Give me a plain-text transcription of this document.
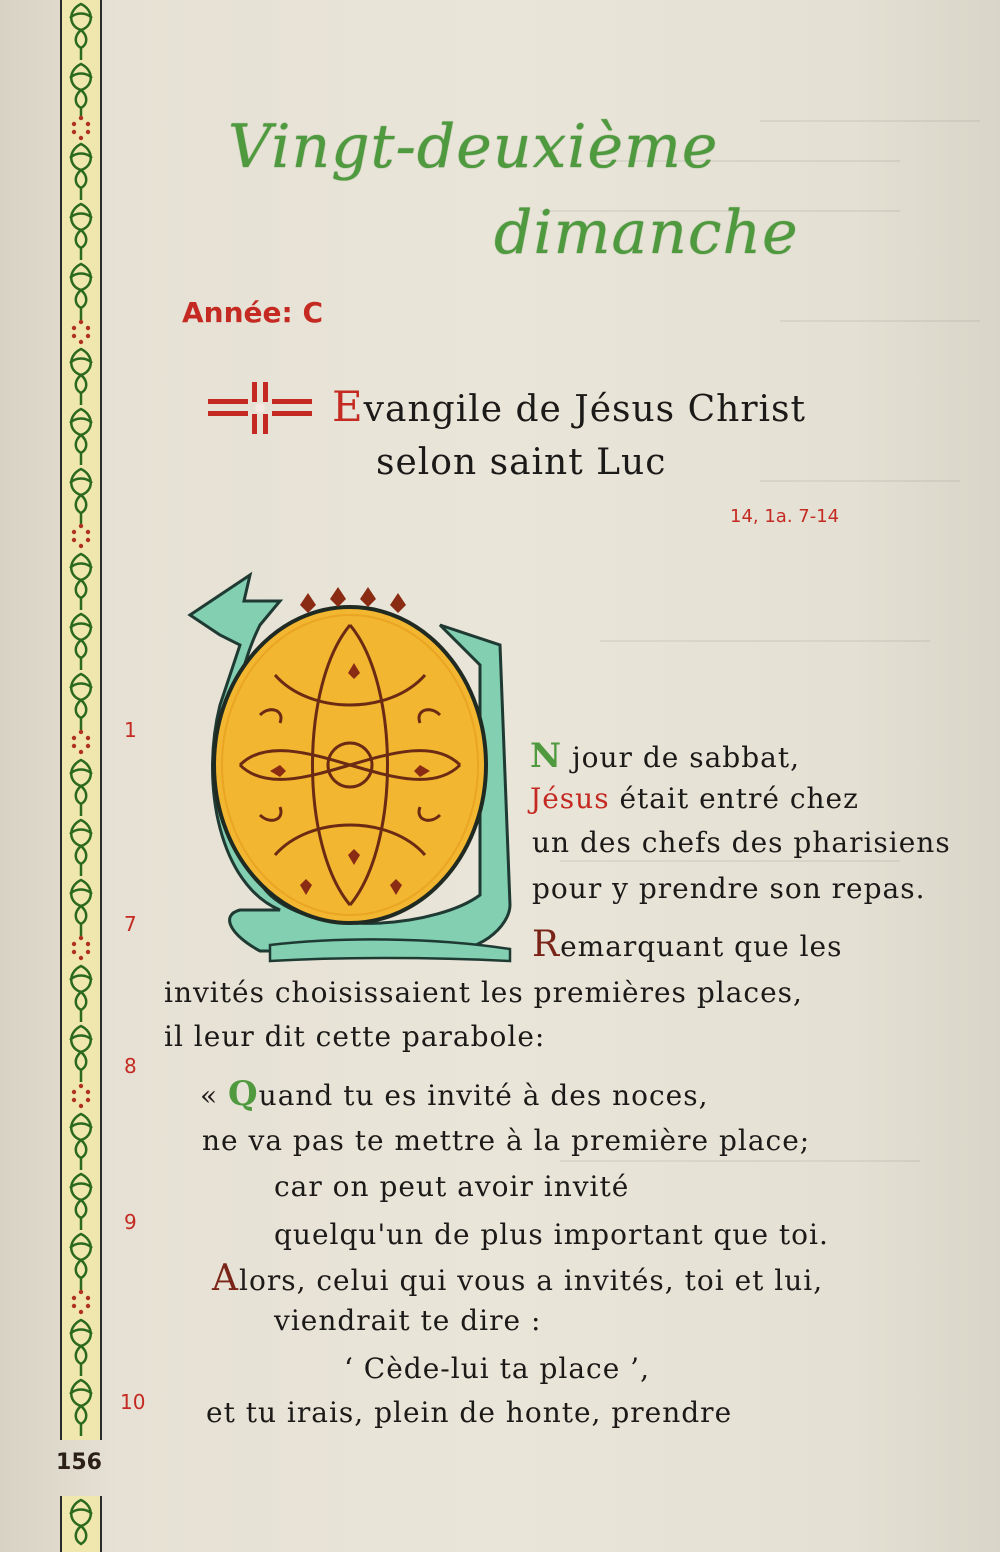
156
Vingt-deuxième
dimanche
Année: C
Evangile de Jésus Christ
selon saint Luc
14, 1a. 7-14
1
7
8
9
10
N jour de sabbat,
Jésus était entré chez
un des chefs des pharisiens
pour y prendre son repas.
Remarquant que les
invités choisissaient les premières places,
il leur dit cette parabole:
« Quand tu es invité à des noces,
ne va pas te mettre à la première place;
car on peut avoir invité
quelqu'un de plus important que toi.
Alors, celui qui vous a invités, toi et lui,
viendrait te dire :
‘ Cède-lui ta place ’,
et tu irais, plein de honte, prendre
